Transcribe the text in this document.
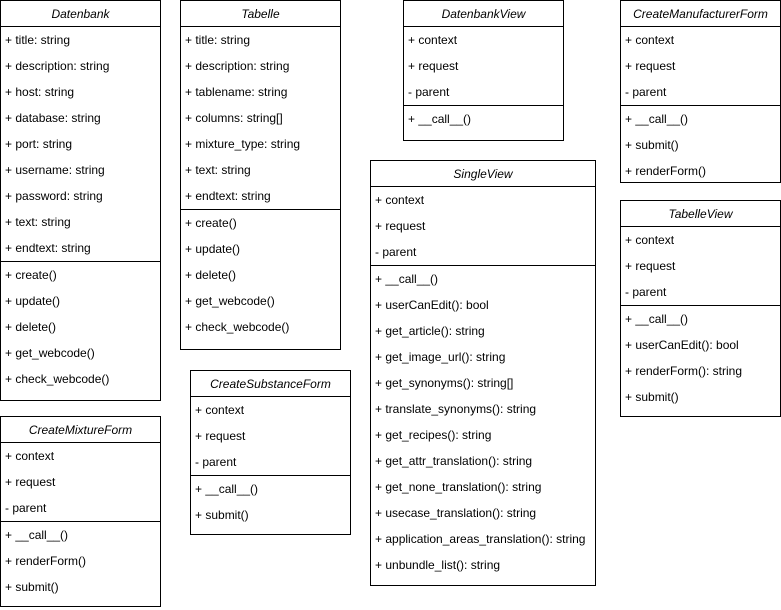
Datenbank
+ title: string
+ description: string
+ host: string
+ database: string
+ port: string
+ username: string
+ password: string
+ text: string
+ endtext: string
+ create()
+ update()
+ delete()
+ get_webcode()
+ check_webcode()
Tabelle
+ title: string
+ description: string
+ tablename: string
+ columns: string[]
+ mixture_type: string
+ text: string
+ endtext: string
+ create()
+ update()
+ delete()
+ get_webcode()
+ check_webcode()
DatenbankView
+ context
+ request
- parent
+ __call__()
CreateManufacturerForm
+ context
+ request
- parent
+ __call__()
+ submit()
+ renderForm()
SingleView
+ context
+ request
- parent
+ __call__()
+ userCanEdit(): bool
+ get_article(): string
+ get_image_url(): string
+ get_synonyms(): string[]
+ translate_synonyms(): string
+ get_recipes(): string
+ get_attr_translation(): string
+ get_none_translation(): string
+ usecase_translation(): string
+ application_areas_translation(): string
+ unbundle_list(): string
TabelleView
+ context
+ request
- parent
+ __call__()
+ userCanEdit(): bool
+ renderForm(): string
+ submit()
CreateSubstanceForm
+ context
+ request
- parent
+ __call__()
+ submit()
CreateMixtureForm
+ context
+ request
- parent
+ __call__()
+ renderForm()
+ submit()
